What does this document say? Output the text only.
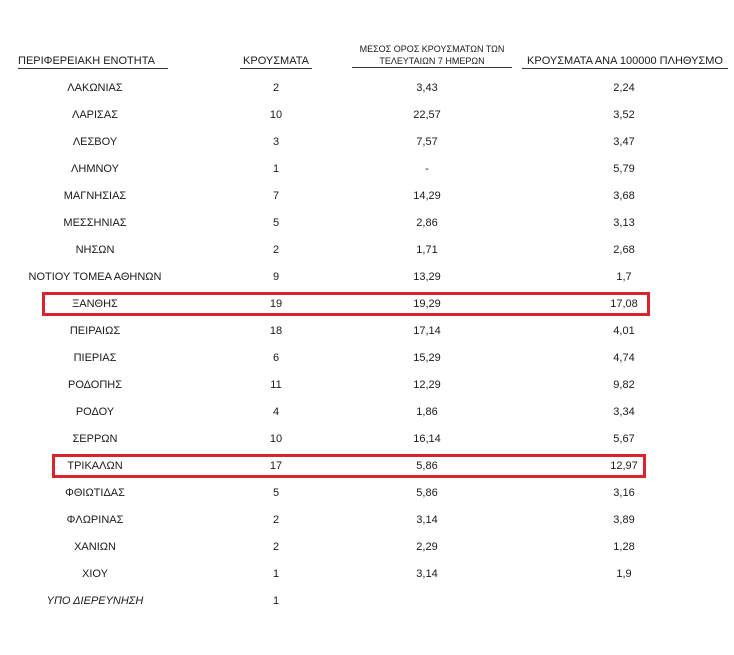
ΠΕΡΙΦΕΡΕΙΑΚΗ ΕΝΟΤΗΤΑ	ΚΡΟΥΣΜΑΤΑ
ΜΕΣΟΣ ΟΡΟΣ ΚΡΟΥΣΜΑΤΩΝ ΤΩΝ
ΤΕΛΕΥΤΑΙΩΝ 7 ΗΜΕΡΩΝ	ΚΡΟΥΣΜΑΤΑ ΑΝΑ 100000 ΠΛΗΘΥΣΜΟ
ΛΑΚΩΝΙΑΣ	2	3,43	2,24
ΛΑΡΙΣΑΣ	10	22,57	3,52
ΛΕΣΒΟΥ	3	7,57	3,47
ΛΗΜΝΟΥ	1	-	5,79
ΜΑΓΝΗΣΙΑΣ	7	14,29	3,68
ΜΕΣΣΗΝΙΑΣ	5	2,86	3,13
ΝΗΣΩΝ	2	1,71	2,68
ΝΟΤΙΟΥ ΤΟΜΕΑ ΑΘΗΝΩΝ	9	13,29	1,7
ΞΑΝΘΗΣ	19	19,29	17,08
ΠΕΙΡΑΙΩΣ	18	17,14	4,01
ΠΙΕΡΙΑΣ	6	15,29	4,74
ΡΟΔΟΠΗΣ	11	12,29	9,82
ΡΟΔΟΥ	4	1,86	3,34
ΣΕΡΡΩΝ	10	16,14	5,67
ΤΡΙΚΑΛΩΝ	17	5,86	12,97
ΦΘΙΩΤΙΔΑΣ	5	5,86	3,16
ΦΛΩΡΙΝΑΣ	2	3,14	3,89
ΧΑΝΙΩΝ	2	2,29	1,28
ΧΙΟΥ	1	3,14	1,9
ΥΠΟ ΔΙΕΡΕΥΝΗΣΗ	1
